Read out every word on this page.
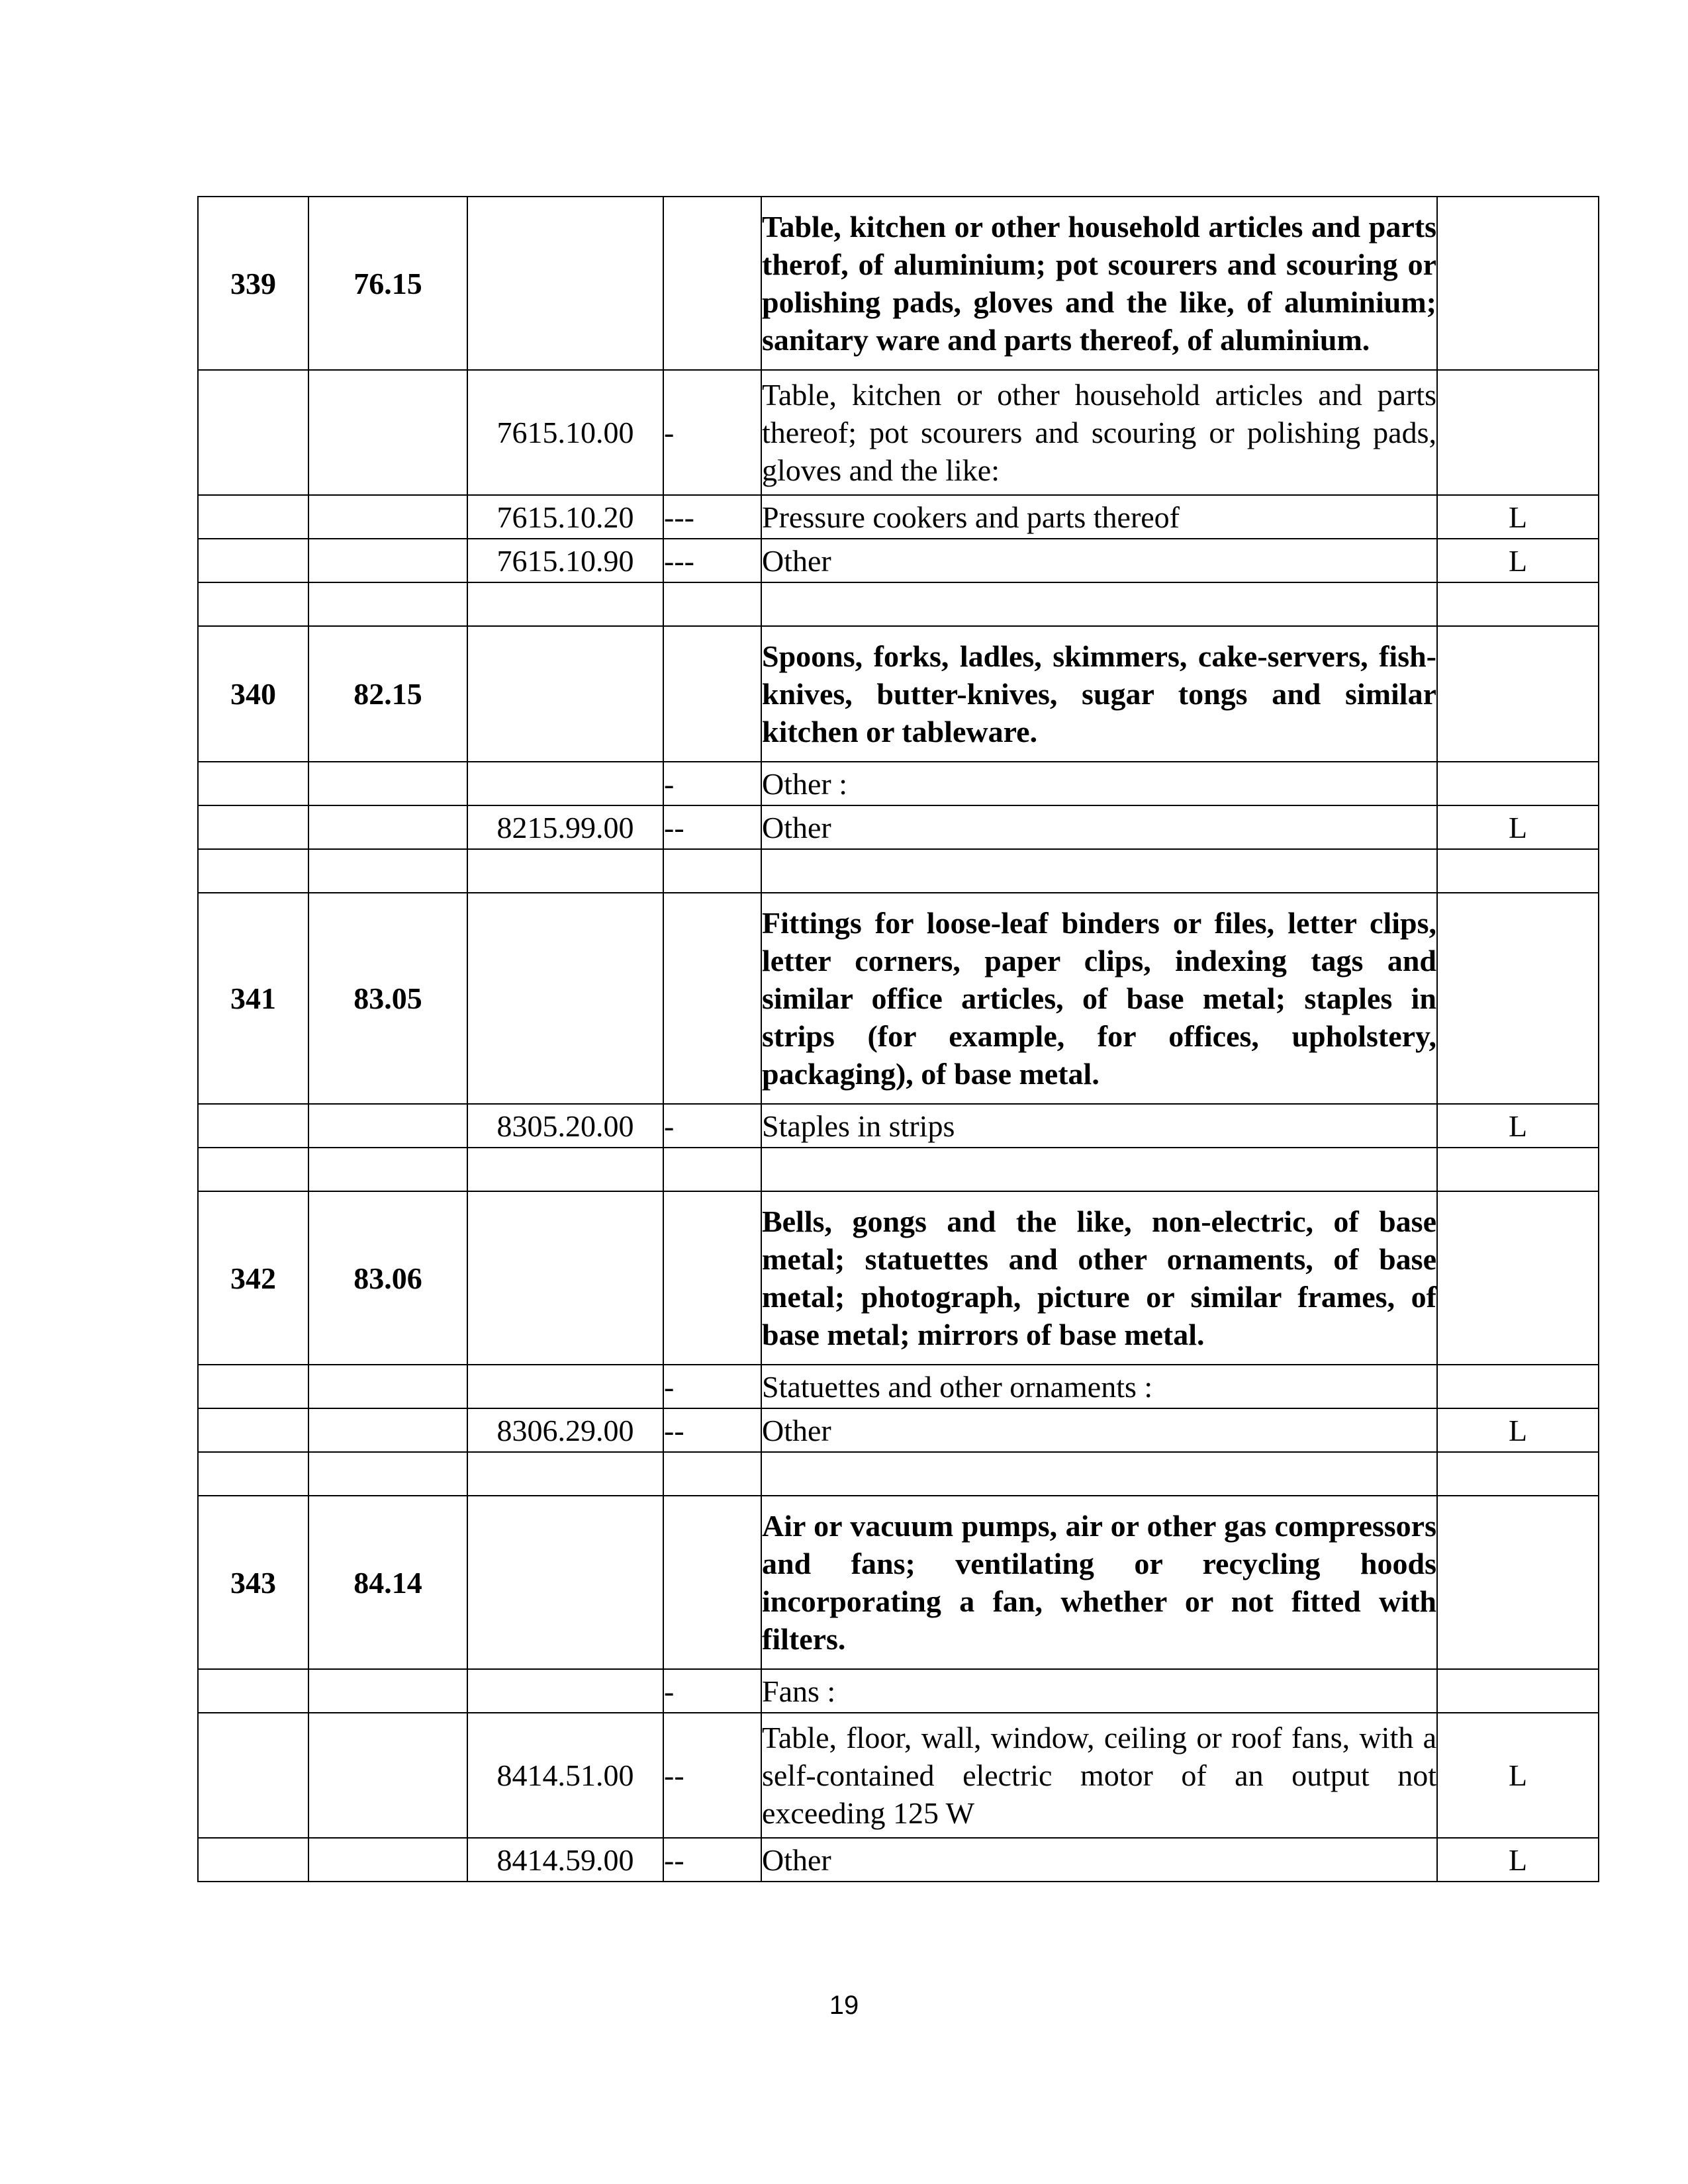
339	76.15			Table, kitchen or other household articles and parts therof, of aluminium; pot scourers and scouring or polishing pads, gloves and the like, of aluminium; sanitary ware and parts thereof, of aluminium.	
		7615.10.00	-	Table, kitchen or other household articles and parts thereof; pot scourers and scouring or polishing pads, gloves and the like:	
		7615.10.20	---	Pressure cookers and parts thereof	L
		7615.10.90	---	Other	L

340	82.15			Spoons, forks, ladles, skimmers, cake-servers, fish-knives, butter-knives, sugar tongs and similar kitchen or tableware.	
			-	Other :	
		8215.99.00	--	Other	L

341	83.05			Fittings for loose-leaf binders or files, letter clips, letter corners, paper clips, indexing tags and similar office articles, of base metal; staples in strips (for example, for offices, upholstery, packaging), of base metal.	
		8305.20.00	-	Staples in strips	L

342	83.06			Bells, gongs and the like, non-electric, of base metal; statuettes and other ornaments, of base metal; photograph, picture or similar frames, of base metal; mirrors of base metal.	
			-	Statuettes and other ornaments :	
		8306.29.00	--	Other	L

343	84.14			Air or vacuum pumps, air or other gas compressors and fans; ventilating or recycling hoods incorporating a fan, whether or not fitted with filters.	
			-	Fans :	
		8414.51.00	--	Table, floor, wall, window, ceiling or roof fans, with a self-contained electric motor of an output not exceeding 125 W	L
		8414.59.00	--	Other	L
19
